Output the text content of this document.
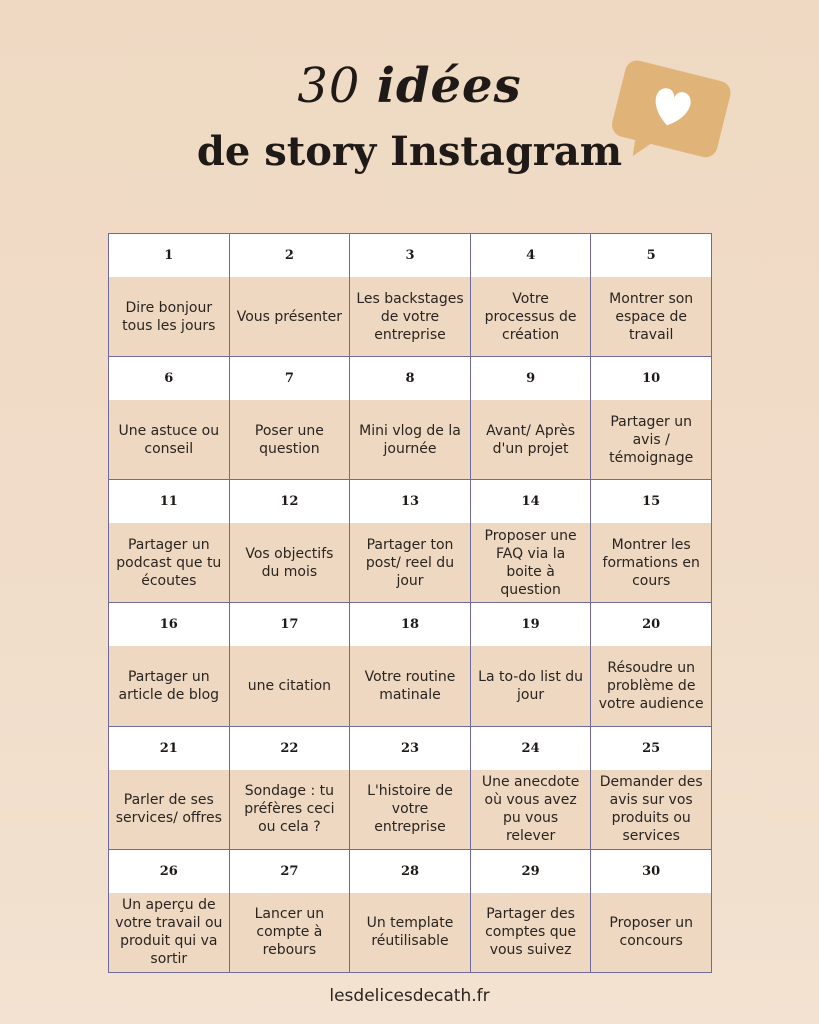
30 idées
de story Instagram
1
Dire bonjour tous les jours
2
Vous présenter
3
Les backstages de votre entreprise
4
Votre processus de création
5
Montrer son espace de travail
6
Une astuce ou conseil
7
Poser une question
8
Mini vlog de la journée
9
Avant/ Après d'un projet
10
Partager un avis / témoignage
11
Partager un podcast que tu écoutes
12
Vos objectifs du mois
13
Partager ton post/ reel du jour
14
Proposer une FAQ via la boite à question
15
Montrer les formations en cours
16
Partager un article de blog
17
une citation
18
Votre routine matinale
19
La to-do list du jour
20
Résoudre un problème de votre audience
21
Parler de ses services/ offres
22
Sondage : tu préfères ceci ou cela ?
23
L'histoire de votre entreprise
24
Une anecdote où vous avez pu vous relever
25
Demander des avis sur vos produits ou services
26
Un aperçu de votre travail ou produit qui va sortir
27
Lancer un compte à rebours
28
Un template réutilisable
29
Partager des comptes que vous suivez
30
Proposer un concours
lesdelicesdecath.fr
